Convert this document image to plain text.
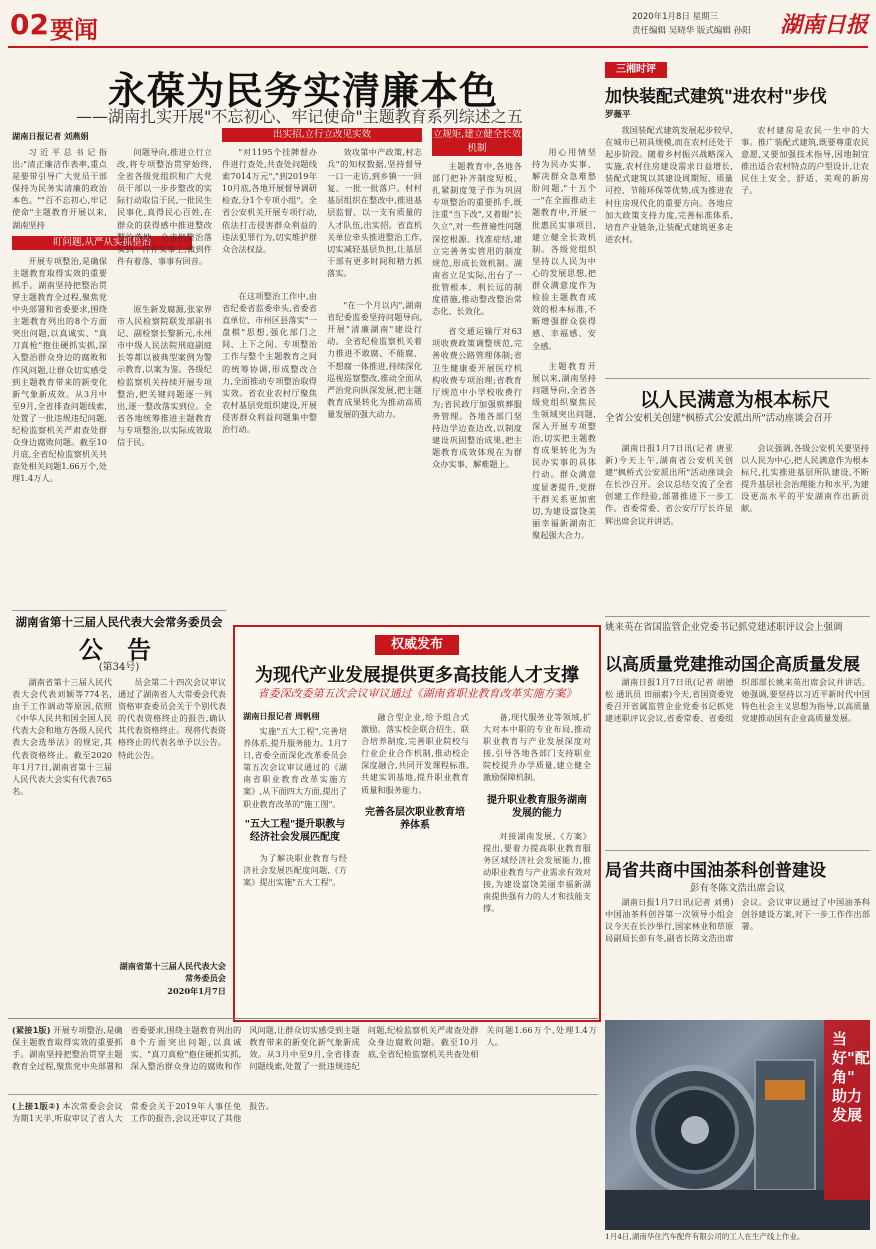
02 要闻	2020年1月8日 星期三
责任编辑 吴晓华 版式编辑 孙阳 湖南日报
永葆为民务实清廉本色
——湖南扎实开展"不忘初心、牢记使命"主题教育系列综述之五
湖南日报记者 刘燕娟

习近平总书记指出:"清正廉洁作表率,重点是要带引导广大党员干部保持为民务实清廉的政治本色。""百不忘初心,牢记使命"主题教育开展以来,湖南坚持

盯问题,从严从实抓整治

开展专项整治,是确保主题教育取得实效的重要抓手。湖南坚持把整治贯穿主题教育全过程,聚焦党中央部署和省委要求,围绕主题教育列出的8个方面突出问题,以真诚实、"真刀真枪"抱住硬抓实抓,深入整治群众身边的腐败和作风问题,让群众切实感受到主题教育带来的新变化新气象新成效。从3月中至9月,全省排查问题线索,处置了一批违规违纪问题,纪检监察机关严肃查处群众身边腐败问题。截至10月底,全省纪检监察机关共查处相关问题1.66万个,处理1.4万人。

问题导向,推进立行立改,将专项整治贯穿始终,全省各级党组织和广大党员干部以一步步整改的实际行动取信于民,一批民生民事化,真得民心百姓,在群众的获得感中推进整改整治落地。全省把整治落实到一件件实事上,做到件件有着落、事事有回音。

原生新发腐源,张家界市人民检察院联发部副书记、副检察长黎新元,永州市中级人民法院刑庭副庭长等都以被典型案例为警示教育,以案为鉴。各级纪检监察机关持续开展专项整治,把关键问题逐一列出,逐一整改落实到位。全省各地统筹推进主题教育与专项整治,以实际成效取信于民。

"对1195个挂牌督办件进行查处,共查处问题线索7014万元","到2019年10月底,各地开展督导调研检查,分1个专项小组"。全省公安机关开展专项行动,依法打击侵害群众利益的违法犯罪行为,切实维护群众合法权益。

出实招,立行立改见实效

在这项整治工作中,由省纪委省监委牵头,省委省直单位、市州区县落实"一盘棋"思想,强化部门之间、上下之间、专项整治工作与整个主题教育之间的统筹协调,形成整改合力,全面推动专项整治取得实效。省农业农村厅聚焦农村基层党组织建设,开展侵害群众利益问题集中整治行动。

效攻第中产政策,村志兵"的知权数据,坚持督导一口一走访,到乡镇一一回复、一批一批落户。村村基层组织在整改中,推进基层监督、以一支有质量的人才队伍,出实招。省直机关单位牵头推进整治工作,切实减轻基层负担,让基层干部有更多时间和精力抓落实。

"在一个月以内",湖南省纪委监委坚持问题导向,开展"清廉湖南"建设行动。全省纪检监察机关着力推进不敢腐、不能腐、不想腐一体推进,持续深化巡视巡察整改,推动全面从严治党向纵深发展,把主题教育成果转化为推动高质量发展的强大动力。

立规矩,建立健全长效机制

主题教育中,各地各部门把补齐制度短板、扎紧制度笼子作为巩固专项整治的重要抓手,既注重"当下改",又着眼"长久立",对一些普遍性问题深挖根源、找准症结,建立完善务实管用的制度规范,形成长效机制。湖南省立足实际,出台了一批管根本、利长远的制度措施,推动整改整治常态化、长效化。

省交通运输厅对63项收费政策调整规范,完善收费公路管理体制;省卫生健康委开展医疗机构收费专项治理;省教育厅规范中小学校收费行为;省民政厅加强殡葬服务管理。各地各部门坚持边学边查边改,以制度建设巩固整治成果,把主题教育成效体现在为群众办实事、解难题上。

用心用情坚持为民办实事、解决群众急难愁盼问题,"十五个一"在全面推动主题教育中,开展一批惠民实事项目,建立健全长效机制。各级党组织坚持以人民为中心的发展思想,把群众满意度作为检验主题教育成效的根本标准,不断增强群众获得感、幸福感、安全感。

主题教育开展以来,湖南坚持问题导向,全省各级党组织聚焦民生领域突出问题,深入开展专项整治,切实把主题教育成果转化为为民办实事的具体行动。群众满意度显著提升,党群干群关系更加密切,为建设富饶美丽幸福新湖南汇聚起强大合力。

湖南省第十三届人民代表大会常务委员会
公 告
(第34号)

湖南省第十三届人民代表大会代表刘颖等774名,由于工作调动等原因,依照《中华人民共和国全国人民代表大会和地方各级人民代表大会选举法》的规定,其代表资格终止。截至2020年1月7日,湖南省第十三届人民代表大会实有代表765名。

员会第二十四次会议审议通过了湖南省人大常委会代表资格审查委员会关于个别代表的代表资格终止的报告,确认其代表资格终止。现将代表资格终止的代表名单予以公告。特此公告。

湖南省第十三届人民代表大会常务委员会
2020年1月7日
权威发布
为现代产业发展提供更多高技能人才支撑
省委深改委第五次会议审议通过《湖南省职业教育改革实施方案》
湖南日报记者 周帆栩

实施"五大工程",完善培养体系,提升服务能力。1月7日,省委全面深化改革委员会第五次会议审议通过的《湖南省职业教育改革实施方案》,从下面四大方面,提出了职业教育改革的"施工图"。

"五大工程"提升职教与经济社会发展匹配度

为了解决职业教育与经济社会发展匹配度问题,《方案》提出实施"五大工程"。

融合型企业,给予组合式激励。落实校企联合招生、联合培养制度,完善职业院校与行业企业合作机制,推动校企深度融合,共同开发课程标准,共建实训基地,提升职业教育质量和服务能力。

完善各层次职业教育培养体系

备,现代服务业等领域,扩大对本中职的专业布局,推动职业教育与产业发展深度对接,引导各地各部门支持职业院校提升办学质量,建立健全激励保障机制。

提升职业教育服务湖南发展的能力

对接湖南发展,《方案》提出,要着力提高职业教育服务区域经济社会发展能力,推动职业教育与产业需求有效对接,为建设富饶美丽幸福新湖南提供强有力的人才和技能支撑。

三湘时评
加快装配式建筑"进农村"步伐
罗薇平

我国装配式建筑发展起步较早,在城市已初具规模,而在农村还处于起步阶段。随着乡村振兴战略深入实施,农村住房建设需求日益增长,装配式建筑以其建设周期短、质量可控、节能环保等优势,成为推进农村住房现代化的重要方向。各地应加大政策支持力度,完善标准体系,培育产业链条,让装配式建筑更多走进农村。

农村建房是农民一生中的大事。推广装配式建筑,既要尊重农民意愿,又要加强技术指导,因地制宜推出适合农村特点的户型设计,让农民住上安全、舒适、美观的新房子。

以人民满意为根本标尺
全省公安机关创建"枫桥式公安派出所"活动座谈会召开

湖南日报1月7日讯(记者 唐亚新)今天上午,湖南省公安机关创建"枫桥式公安派出所"活动座谈会在长沙召开。会议总结交流了全省创建工作经验,部署推进下一步工作。省委常委、省公安厅厅长许显辉出席会议并讲话。

会议强调,各级公安机关要坚持以人民为中心,把人民满意作为根本标尺,扎实推进基层所队建设,不断提升基层社会治理能力和水平,为建设更高水平的平安湖南作出新贡献。

姚来英在省国监管企业党委书记抓党建述职评议会上强调
以高质量党建推动国企高质量发展

湖南日报1月7日讯(记者 胡德松 通讯员 田丽素)今天,省国资委党委召开省属监管企业党委书记抓党建述职评议会议,省委常委、省委组织部部长姚来英出席会议并讲话。她强调,要坚持以习近平新时代中国特色社会主义思想为指导,以高质量党建推动国有企业高质量发展。

局省共商中国油茶科创普建设
彭有冬陈文浩出席会议

湖南日报1月7日讯(记者 刘勇)中国油茶科创谷第一次领导小组会议今天在长沙举行,国家林业和草原局副局长彭有冬,副省长陈文浩出席会议。会议审议通过了中国油茶科创谷建设方案,对下一步工作作出部署。

当好"配角" 助力发展
1月4日,湖南华住汽车配件有限公司的工人在生产线上作业。
(紧接1版) 开展专项整治,是确保主题教育取得实效的重要抓手。湖南坚持把整治贯穿主题教育全过程,聚焦党中央部署和省委要求,围绕主题教育列出的8个方面突出问题,以真诚实、"真刀真枪"抱住硬抓实抓,深入整治群众身边的腐败和作风问题,让群众切实感受到主题教育带来的新变化新气象新成效。从3月中至9月,全省排查问题线索,处置了一批违规违纪问题,纪检监察机关严肃查处群众身边腐败问题。截至10月底,全省纪检监察机关共查处相关问题1.66万个,处理1.4万人。
(上接1版②) 本次常委会会议为期1天半,听取审议了省人大常委会关于2019年人事任免工作的报告,会议还审议了其他报告。
